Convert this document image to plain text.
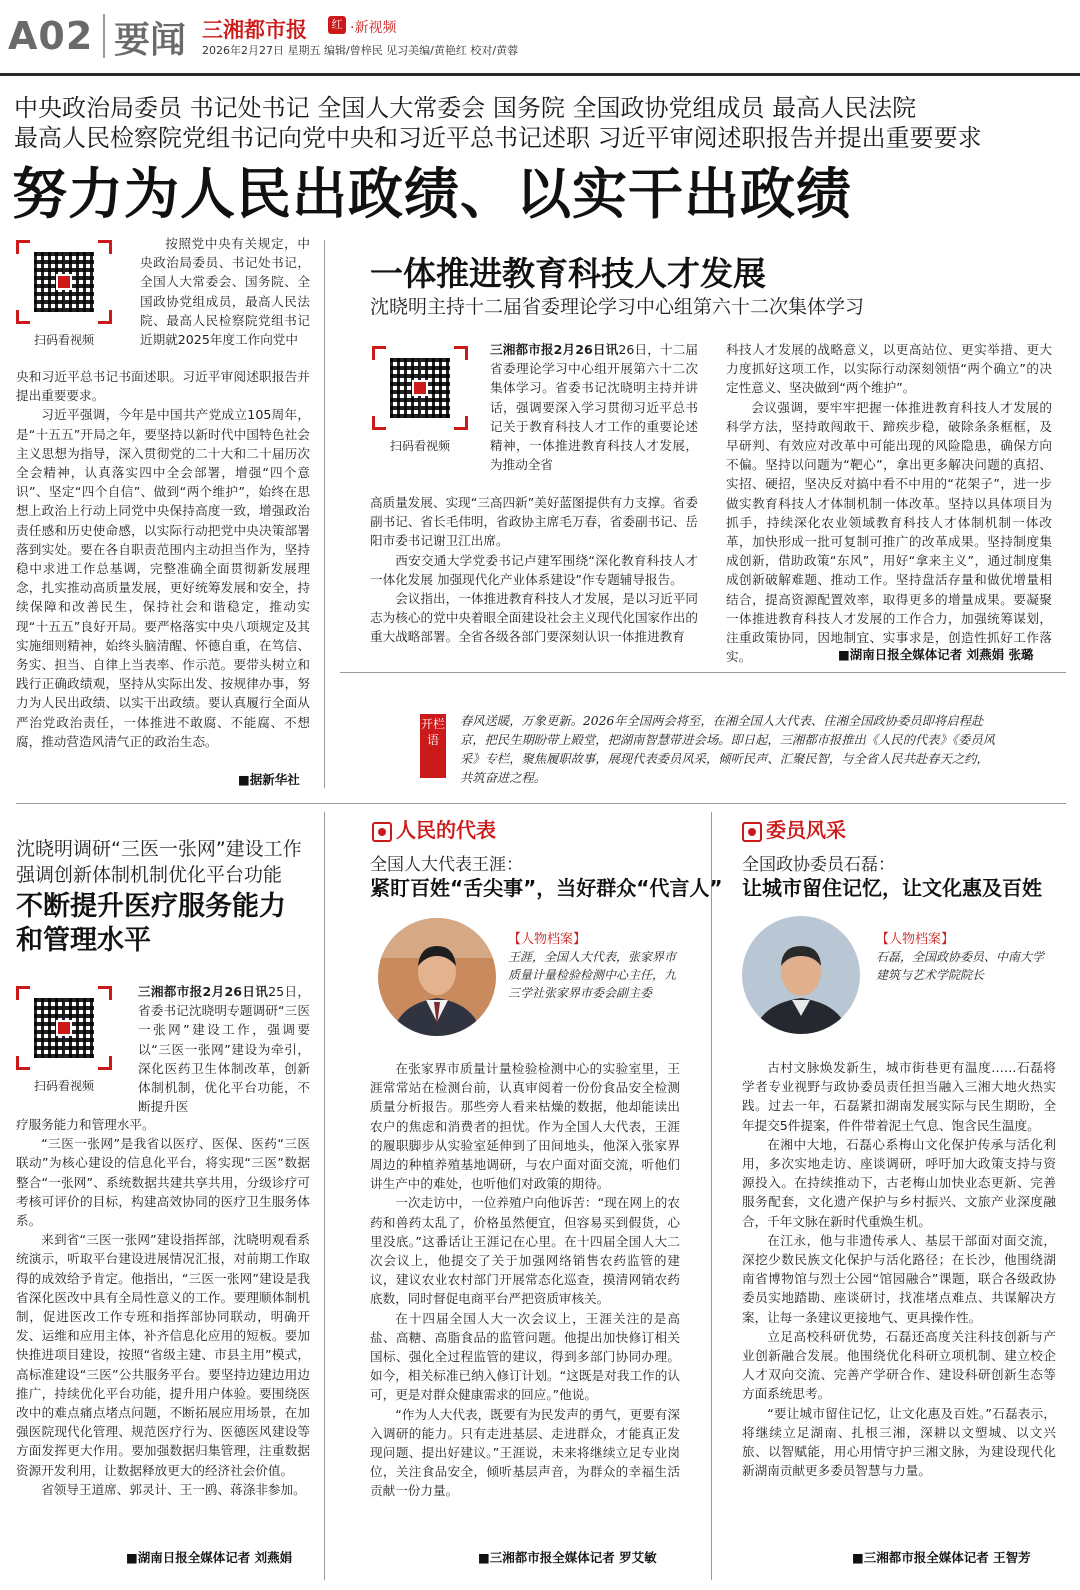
A02 要闻 三湘都市报	红 ·新视频
2026年2月27日 星期五 编辑/曾梓民 见习美编/黄艳红 校对/黄蓉
中央政治局委员 书记处书记 全国人大常委会 国务院 全国政协党组成员 最高人民法院
最高人民检察院党组书记向党中央和习近平总书记述职 习近平审阅述职报告并提出重要要求
努力为人民出政绩、以实干出政绩
扫码看视频

按照党中央有关规定，中央政治局委员、书记处书记，全国人大常委会、国务院、全国政协党组成员，最高人民法院、最高人民检察院党组书记近期就2025年度工作向党中

央和习近平总书记书面述职。习近平审阅述职报告并提出重要要求。

习近平强调，今年是中国共产党成立105周年，是“十五五”开局之年，要坚持以新时代中国特色社会主义思想为指导，深入贯彻党的二十大和二十届历次全会精神，认真落实四中全会部署，增强“四个意识”、坚定“四个自信”、做到“两个维护”，始终在思想上政治上行动上同党中央保持高度一致，增强政治责任感和历史使命感，以实际行动把党中央决策部署落到实处。要在各自职责范围内主动担当作为，坚持稳中求进工作总基调，完整准确全面贯彻新发展理念，扎实推动高质量发展，更好统筹发展和安全，持续保障和改善民生，保持社会和谐稳定，推动实现“十五五”良好开局。要严格落实中央八项规定及其实施细则精神，始终头脑清醒、怀德自重，在笃信、务实、担当、自律上当表率、作示范。要带头树立和践行正确政绩观，坚持从实际出发、按规律办事，努力为人民出政绩、以实干出政绩。要认真履行全面从严治党政治责任，一体推进不敢腐、不能腐、不想腐，推动营造风清气正的政治生态。

■据新华社
一体推进教育科技人才发展
沈晓明主持十二届省委理论学习中心组第六十二次集体学习
扫码看视频

三湘都市报2月26日讯26日，十二届省委理论学习中心组开展第六十二次集体学习。省委书记沈晓明主持并讲话，强调要深入学习贯彻习近平总书记关于教育科技人才工作的重要论述精神，一体推进教育科技人才发展，为推动全省

高质量发展、实现“三高四新”美好蓝图提供有力支撑。省委副书记、省长毛伟明，省政协主席毛万春，省委副书记、岳阳市委书记谢卫江出席。

西安交通大学党委书记卢建军围绕“深化教育科技人才一体化发展 加强现代化产业体系建设”作专题辅导报告。

会议指出，一体推进教育科技人才发展，是以习近平同志为核心的党中央着眼全面建设社会主义现代化国家作出的重大战略部署。全省各级各部门要深刻认识一体推进教育

科技人才发展的战略意义，以更高站位、更实举措、更大力度抓好这项工作，以实际行动深刻领悟“两个确立”的决定性意义、坚决做到“两个维护”。

会议强调，要牢牢把握一体推进教育科技人才发展的科学方法，坚持敢闯敢干、蹄疾步稳，破除条条框框，及早研判、有效应对改革中可能出现的风险隐患，确保方向不偏。坚持以问题为“靶心”，拿出更多解决问题的真招、实招、硬招，坚决反对搞中看不中用的“花架子”，进一步做实教育科技人才体制机制一体改革。坚持以具体项目为抓手，持续深化农业领域教育科技人才体制机制一体改革，加快形成一批可复制可推广的改革成果。坚持制度集成创新，借助政策“东风”，用好“拿来主义”，通过制度集成创新破解难题、推动工作。坚持盘活存量和做优增量相结合，提高资源配置效率，取得更多的增量成果。要凝聚一体推进教育科技人才发展的工作合力，加强统筹谋划，注重政策协同，因地制宜、实事求是，创造性抓好工作落实。	■湖南日报全媒体记者 刘燕娟 张璐
开栏语
春风送暖，万象更新。2026年全国两会将至，在湘全国人大代表、住湘全国政协委员即将启程赴京，把民生期盼带上殿堂，把湖南智慧带进会场。即日起，三湘都市报推出《人民的代表》《委员风采》专栏，聚焦履职故事，展现代表委员风采，倾听民声、汇聚民智，与全省人民共赴春天之约，共筑奋进之程。
沈晓明调研“三医一张网”建设工作
强调创新体制机制优化平台功能
不断提升医疗服务能力
和管理水平
扫码看视频

三湘都市报2月26日讯25日，省委书记沈晓明专题调研“三医一张网”建设工作，强调要以“三医一张网”建设为牵引，深化医药卫生体制改革，创新体制机制，优化平台功能，不断提升医

疗服务能力和管理水平。

“三医一张网”是我省以医疗、医保、医药“三医联动”为核心建设的信息化平台，将实现“三医”数据整合“一张网”、系统数据共建共享共用，分级诊疗可考核可评价的目标，构建高效协同的医疗卫生服务体系。

来到省“三医一张网”建设指挥部，沈晓明观看系统演示，听取平台建设进展情况汇报，对前期工作取得的成效给予肯定。他指出，“三医一张网”建设是我省深化医改中具有全局性意义的工作。要理顺体制机制，促进医改工作专班和指挥部协同联动，明确开发、运维和应用主体，补齐信息化应用的短板。要加快推进项目建设，按照“省级主建、市县主用”模式，高标准建设“三医”公共服务平台。要坚持边建边用边推广，持续优化平台功能，提升用户体验。要围绕医改中的难点痛点堵点问题，不断拓展应用场景，在加强医院现代化管理、规范医疗行为、医德医风建设等方面发挥更大作用。要加强数据归集管理，注重数据资源开发利用，让数据释放更大的经济社会价值。

省领导王道席、郭灵计、王一鸥、蒋涤非参加。

■湖南日报全媒体记者 刘燕娟
人民的代表
全国人大代表王涯：
紧盯百姓“舌尖事”，当好群众“代言人”
【人物档案】
王涯，全国人大代表，张家界市质量计量检验检测中心主任，九三学社张家界市委会副主委

在张家界市质量计量检验检测中心的实验室里，王涯常常站在检测台前，认真审阅着一份份食品安全检测质量分析报告。那些旁人看来枯燥的数据，他却能读出农户的焦虑和消费者的担忧。作为全国人大代表，王涯的履职脚步从实验室延伸到了田间地头，他深入张家界周边的种植养殖基地调研，与农户面对面交流，听他们讲生产中的难处，也听他们对政策的期待。

一次走访中，一位养殖户向他诉苦：“现在网上的农药和兽药太乱了，价格虽然便宜，但容易买到假货，心里没底。”这番话让王涯记在心里。在十四届全国人大二次会议上，他提交了关于加强网络销售农药监管的建议，建议农业农村部门开展常态化巡查，摸清网销农药底数，同时督促电商平台严把资质审核关。

在十四届全国人大一次会议上，王涯关注的是高盐、高糖、高脂食品的监管问题。他提出加快修订相关国标、强化全过程监管的建议，得到多部门协同办理。如今，相关标准已纳入修订计划。“这既是对我工作的认可，更是对群众健康需求的回应。”他说。

“作为人大代表，既要有为民发声的勇气，更要有深入调研的能力。只有走进基层、走进群众，才能真正发现问题、提出好建议。”王涯说，未来将继续立足专业岗位，关注食品安全，倾听基层声音，为群众的幸福生活贡献一份力量。

■三湘都市报全媒体记者 罗艾敏
委员风采
全国政协委员石磊：
让城市留住记忆，让文化惠及百姓
【人物档案】
石磊，全国政协委员、中南大学建筑与艺术学院院长

古村文脉焕发新生，城市街巷更有温度……石磊将学者专业视野与政协委员责任担当融入三湘大地火热实践。过去一年，石磊紧扣湖南发展实际与民生期盼，全年提交5件提案，件件带着泥土气息、饱含民生温度。

在湘中大地，石磊心系梅山文化保护传承与活化利用，多次实地走访、座谈调研，呼吁加大政策支持与资源投入。在持续推动下，古老梅山加快业态更新、完善服务配套，文化遗产保护与乡村振兴、文旅产业深度融合，千年文脉在新时代重焕生机。

在江永，他与非遗传承人、基层干部面对面交流，深挖少数民族文化保护与活化路径；在长沙，他围绕湖南省博物馆与烈士公园“馆园融合”课题，联合各级政协委员实地踏勘、座谈研讨，找准堵点难点、共谋解决方案，让每一条建议更接地气、更具操作性。

立足高校科研优势，石磊还高度关注科技创新与产业创新融合发展。他围绕优化科研立项机制、建立校企人才双向交流、完善产学研合作、建设科研创新生态等方面系统思考。

“要让城市留住记忆，让文化惠及百姓。”石磊表示，将继续立足湖南、扎根三湘，深耕以文塑城、以文兴旅、以智赋能，用心用情守护三湘文脉，为建设现代化新湖南贡献更多委员智慧与力量。

■三湘都市报全媒体记者 王智芳
